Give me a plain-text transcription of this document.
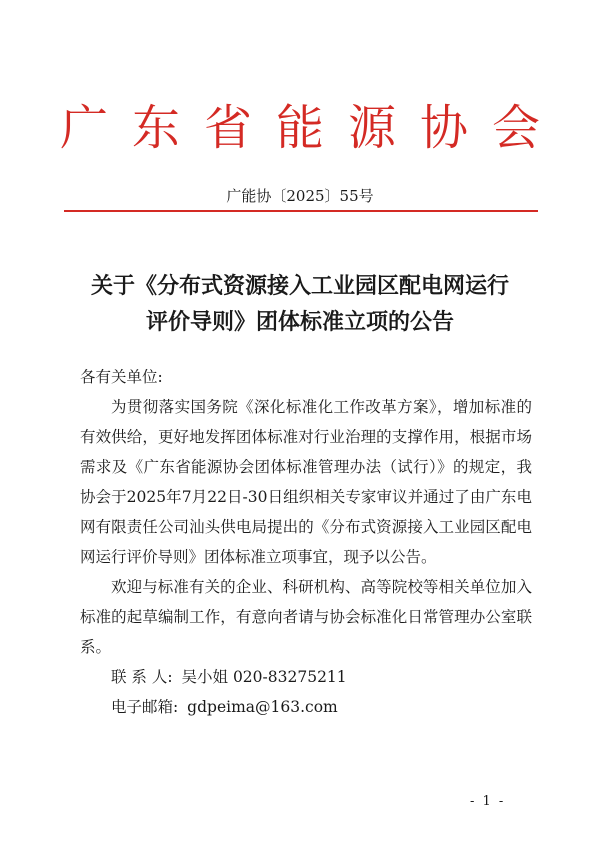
广东省能源协会
广能协〔2025〕55号
关于《分布式资源接入工业园区配电网运行
评价导则》团体标准立项的公告

各有关单位:

为贯彻落实国务院《深化标准化工作改革方案》，增加标准的有效供给，更好地发挥团体标准对行业治理的支撑作用，根据市场需求及《广东省能源协会团体标准管理办法（试行）》的规定，我协会于2025年7月22日-30日组织相关专家审议并通过了由广东电网有限责任公司汕头供电局提出的《分布式资源接入工业园区配电网运行评价导则》团体标准立项事宜，现予以公告。

欢迎与标准有关的企业、科研机构、高等院校等相关单位加入标准的起草编制工作，有意向者请与协会标准化日常管理办公室联系。

联 系 人: 吴小姐 020-83275211

电子邮箱: gdpeima@163.com

- 1 -
